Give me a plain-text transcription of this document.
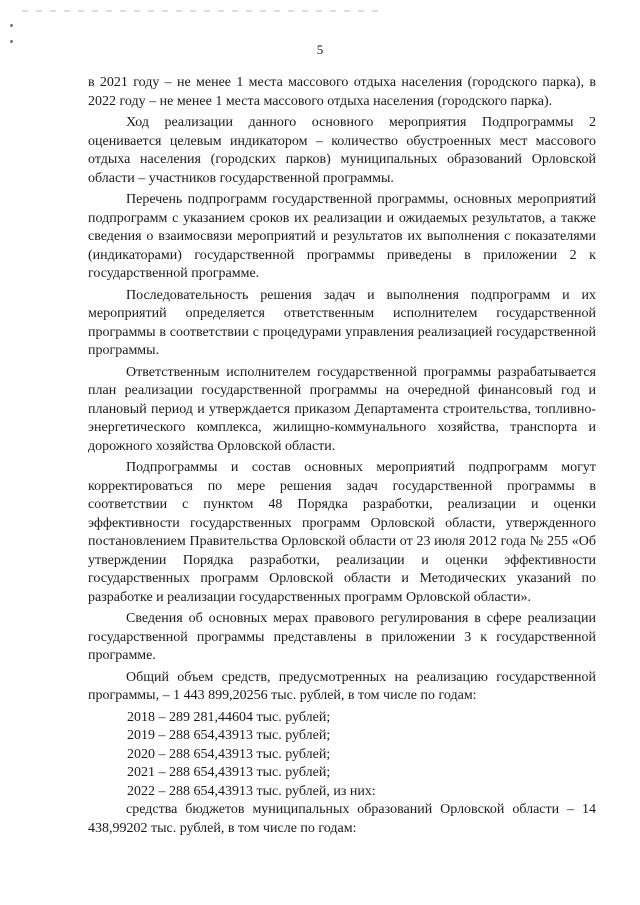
5

в 2021 году – не менее 1 места массового отдыха населения (городского парка), в 2022 году – не менее 1 места массового отдыха населения (городского парка).

Ход реализации данного основного мероприятия Подпрограммы 2 оценивается целевым индикатором – количество обустроенных мест массового отдыха населения (городских парков) муниципальных образований Орловской области – участников государственной программы.

Перечень подпрограмм государственной программы, основных мероприятий подпрограмм с указанием сроков их реализации и ожидаемых результатов, а также сведения о взаимосвязи мероприятий и результатов их выполнения с показателями (индикаторами) государственной программы приведены в приложении 2 к государственной программе.

Последовательность решения задач и выполнения подпрограмм и их мероприятий определяется ответственным исполнителем государственной программы в соответствии с процедурами управления реализацией государственной программы.

Ответственным исполнителем государственной программы разрабатывается план реализации государственной программы на очередной финансовый год и плановый период и утверждается приказом Департамента строительства, топливно-энергетического комплекса, жилищно-коммунального хозяйства, транспорта и дорожного хозяйства Орловской области.

Подпрограммы и состав основных мероприятий подпрограмм могут корректироваться по мере решения задач государственной программы в соответствии с пунктом 48 Порядка разработки, реализации и оценки эффективности государственных программ Орловской области, утвержденного постановлением Правительства Орловской области от 23 июля 2012 года № 255 «Об утверждении Порядка разработки, реализации и оценки эффективности государственных программ Орловской области и Методических указаний по разработке и реализации государственных программ Орловской области».

Сведения об основных мерах правового регулирования в сфере реализации государственной программы представлены в приложении 3 к государственной программе.

Общий объем средств, предусмотренных на реализацию государственной программы, – 1 443 899,20256 тыс. рублей, в том числе по годам:

2018 – 289 281,44604 тыс. рублей;
2019 – 288 654,43913 тыс. рублей;
2020 – 288 654,43913 тыс. рублей;
2021 – 288 654,43913 тыс. рублей;
2022 – 288 654,43913 тыс. рублей, из них:

средства бюджетов муниципальных образований Орловской области – 14 438,99202 тыс. рублей, в том числе по годам:
